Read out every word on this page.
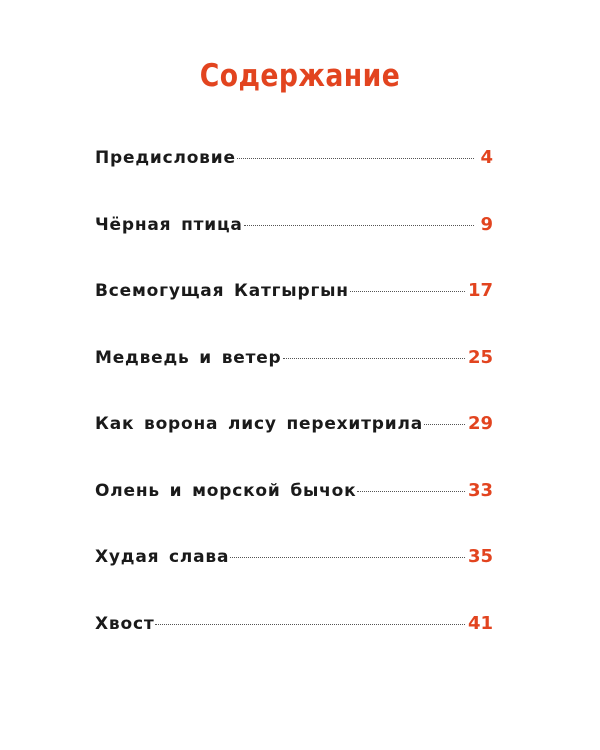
Содержание
Предисловие	4
Чёрная птица	9
Всемогущая Катгыргын	17
Медведь и ветер	25
Как ворона лису перехитрила 29
Олень и морской бычок	33
Худая слава	35
Хвост	41
